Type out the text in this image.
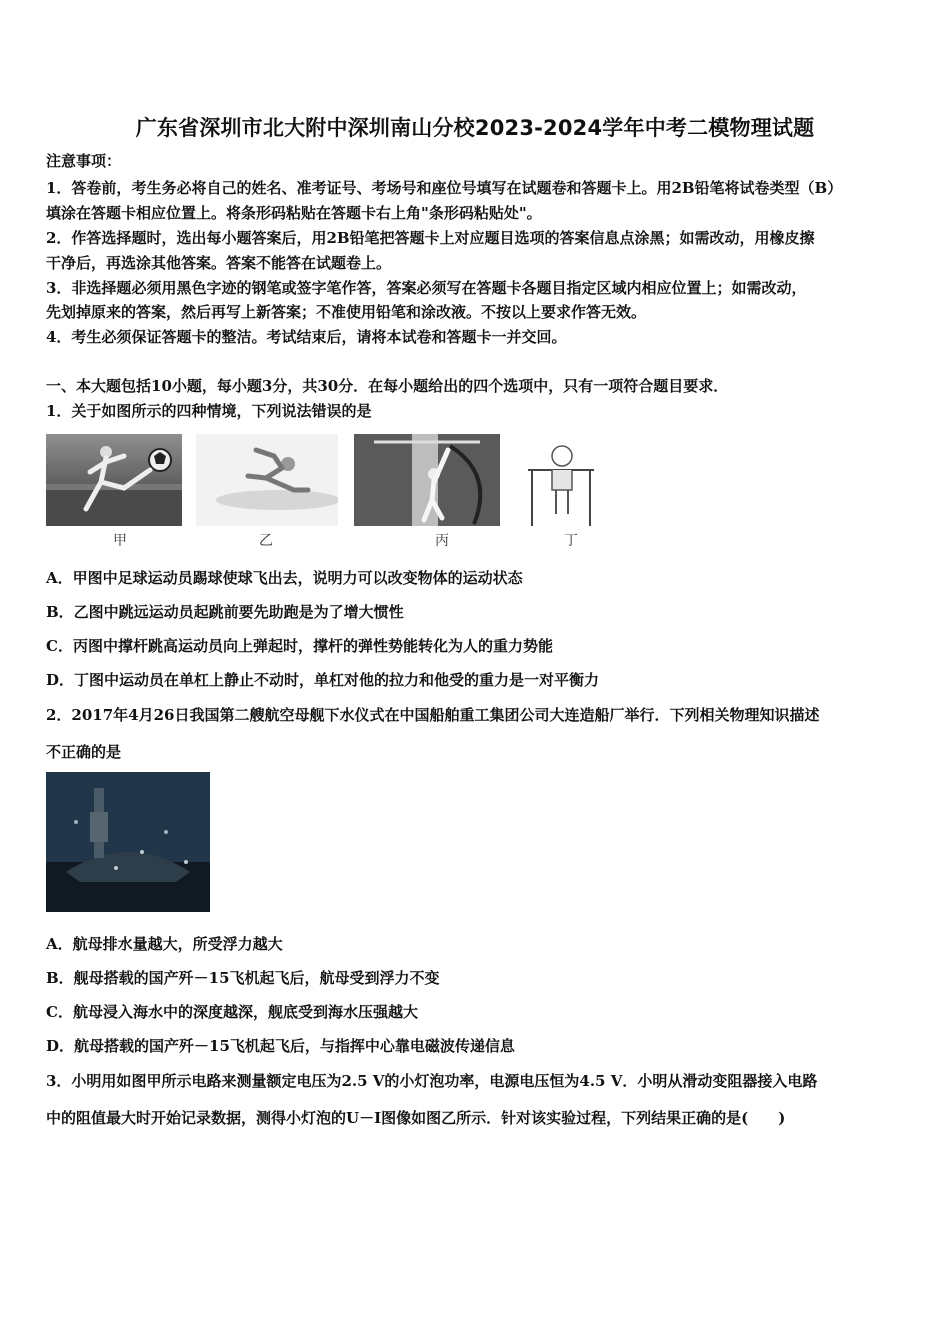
广东省深圳市北大附中深圳南山分校2023-2024学年中考二模物理试题
注意事项：
1．答卷前，考生务必将自己的姓名、准考证号、考场号和座位号填写在试题卷和答题卡上。用2B铅笔将试卷类型（B）
填涂在答题卡相应位置上。将条形码粘贴在答题卡右上角"条形码粘贴处"。
2．作答选择题时，选出每小题答案后，用2B铅笔把答题卡上对应题目选项的答案信息点涂黑；如需改动，用橡皮擦
干净后，再选涂其他答案。答案不能答在试题卷上。
3．非选择题必须用黑色字迹的钢笔或签字笔作答，答案必须写在答题卡各题目指定区域内相应位置上；如需改动，
先划掉原来的答案，然后再写上新答案；不准使用铅笔和涂改液。不按以上要求作答无效。
4．考生必须保证答题卡的整洁。考试结束后，请将本试卷和答题卡一并交回。
一、本大题包括10小题，每小题3分，共30分．在每小题给出的四个选项中，只有一项符合题目要求．
1．关于如图所示的四种情境，下列说法错误的是
甲	乙	丙	丁
A．甲图中足球运动员踢球使球飞出去，说明力可以改变物体的运动状态
B．乙图中跳远运动员起跳前要先助跑是为了增大惯性
C．丙图中撑杆跳高运动员向上弹起时，撑杆的弹性势能转化为人的重力势能
D．丁图中运动员在单杠上静止不动时，单杠对他的拉力和他受的重力是一对平衡力
2．2017年4月26日我国第二艘航空母舰下水仪式在中国船舶重工集团公司大连造船厂举行．下列相关物理知识描述
不正确的是
A．航母排水量越大，所受浮力越大
B．舰母搭载的国产歼－15飞机起飞后，航母受到浮力不变
C．航母浸入海水中的深度越深，舰底受到海水压强越大
D．航母搭载的国产歼－15飞机起飞后，与指挥中心靠电磁波传递信息
3．小明用如图甲所示电路来测量额定电压为2.5 V的小灯泡功率，电源电压恒为4.5 V．小明从滑动变阻器接入电路
中的阻值最大时开始记录数据，测得小灯泡的U－I图像如图乙所示．针对该实验过程，下列结果正确的是(　　)
